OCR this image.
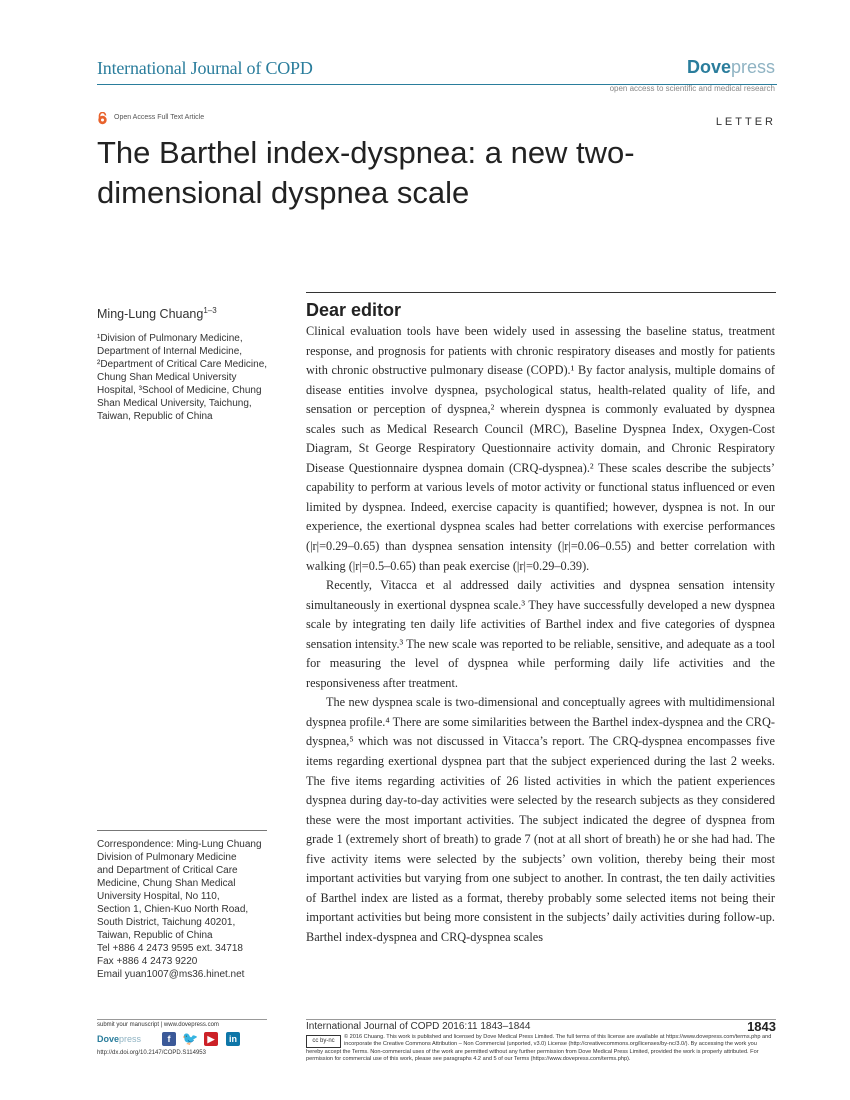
International Journal of COPD	Dovepress
open access to scientific and medical research
Open Access Full Text Article	LETTER
The Barthel index-dyspnea: a new two-dimensional dyspnea scale
Ming-Lung Chuang$^{1-3}$
¹Division of Pulmonary Medicine, Department of Internal Medicine, ²Department of Critical Care Medicine, Chung Shan Medical University Hospital, ³School of Medicine, Chung Shan Medical University, Taichung, Taiwan, Republic of China
Correspondence: Ming-Lung Chuang
Division of Pulmonary Medicine
and Department of Critical Care
Medicine, Chung Shan Medical
University Hospital, No 110,
Section 1, Chien-Kuo North Road,
South District, Taichung 40201,
Taiwan, Republic of China
Tel +886 4 2473 9595 ext. 34718
Fax +886 4 2473 9220
Email yuan1007@ms36.hinet.net
Dear editor

Clinical evaluation tools have been widely used in assessing the baseline status, treatment response, and prognosis for patients with chronic respiratory diseases and mostly for patients with chronic obstructive pulmonary disease (COPD).¹ By factor analysis, multiple domains of disease entities involve dyspnea, psychological status, health-related quality of life, and sensation or perception of dyspnea,² wherein dyspnea is commonly evaluated by dyspnea scales such as Medical Research Council (MRC), Baseline Dyspnea Index, Oxygen-Cost Diagram, St George Respiratory Questionnaire activity domain, and Chronic Respiratory Disease Questionnaire dyspnea domain (CRQ-dyspnea).² These scales describe the subjects’ capability to perform at various levels of motor activity or functional status influenced or even limited by dyspnea. Indeed, exercise capacity is quantified; however, dyspnea is not. In our experience, the exertional dyspnea scales had better correlations with exercise performances (|r|=0.29–0.65) than dyspnea sensation intensity (|r|=0.06–0.55) and better correlation with walking (|r|=0.5–0.65) than peak exercise (|r|=0.29–0.39).

Recently, Vitacca et al addressed daily activities and dyspnea sensation intensity simultaneously in exertional dyspnea scale.³ They have successfully developed a new dyspnea scale by integrating ten daily life activities of Barthel index and five categories of dyspnea sensation intensity.³ The new scale was reported to be reliable, sensitive, and adequate as a tool for measuring the level of dyspnea while performing daily life activities and the responsiveness after treatment.

The new dyspnea scale is two-dimensional and conceptually agrees with multidimensional dyspnea profile.⁴ There are some similarities between the Barthel index-dyspnea and the CRQ-dyspnea,⁵ which was not discussed in Vitacca’s report. The CRQ-dyspnea encompasses five items regarding exertional dyspnea part that the subject experienced during the last 2 weeks. The five items regarding activities of 26 listed activities in which the patient experiences dyspnea during day-to-day activities were selected by the research subjects as they considered these were the most important activities. The subject indicated the degree of dyspnea from grade 1 (extremely short of breath) to grade 7 (not at all short of breath) he or she had had. The five activity items were selected by the subjects’ own volition, thereby being their most important activities but varying from one subject to another. In contrast, the ten daily activities of Barthel index are listed as a format, thereby probably some selected items not being their important activities but being more consistent in the subjects’ daily activities during follow-up. Barthel index-dyspnea and CRQ-dyspnea scales

submit your manuscript | www.dovepress.com
Dovepress	f 🐦	▶	in
http://dx.doi.org/10.2147/COPD.S114953
International Journal of COPD 2016:11 1843–1844	1843
cc by-nc
© 2016 Chuang. This work is published and licensed by Dove Medical Press Limited. The full terms of this license are available at https://www.dovepress.com/terms.php and incorporate the Creative Commons Attribution – Non Commercial (unported, v3.0) License (http://creativecommons.org/licenses/by-nc/3.0/). By accessing the work you
hereby accept the Terms. Non-commercial uses of the work are permitted without any further permission from Dove Medical Press Limited, provided the work is properly attributed. For permission for commercial use of this work, please see paragraphs 4.2 and 5 of our Terms (https://www.dovepress.com/terms.php).
